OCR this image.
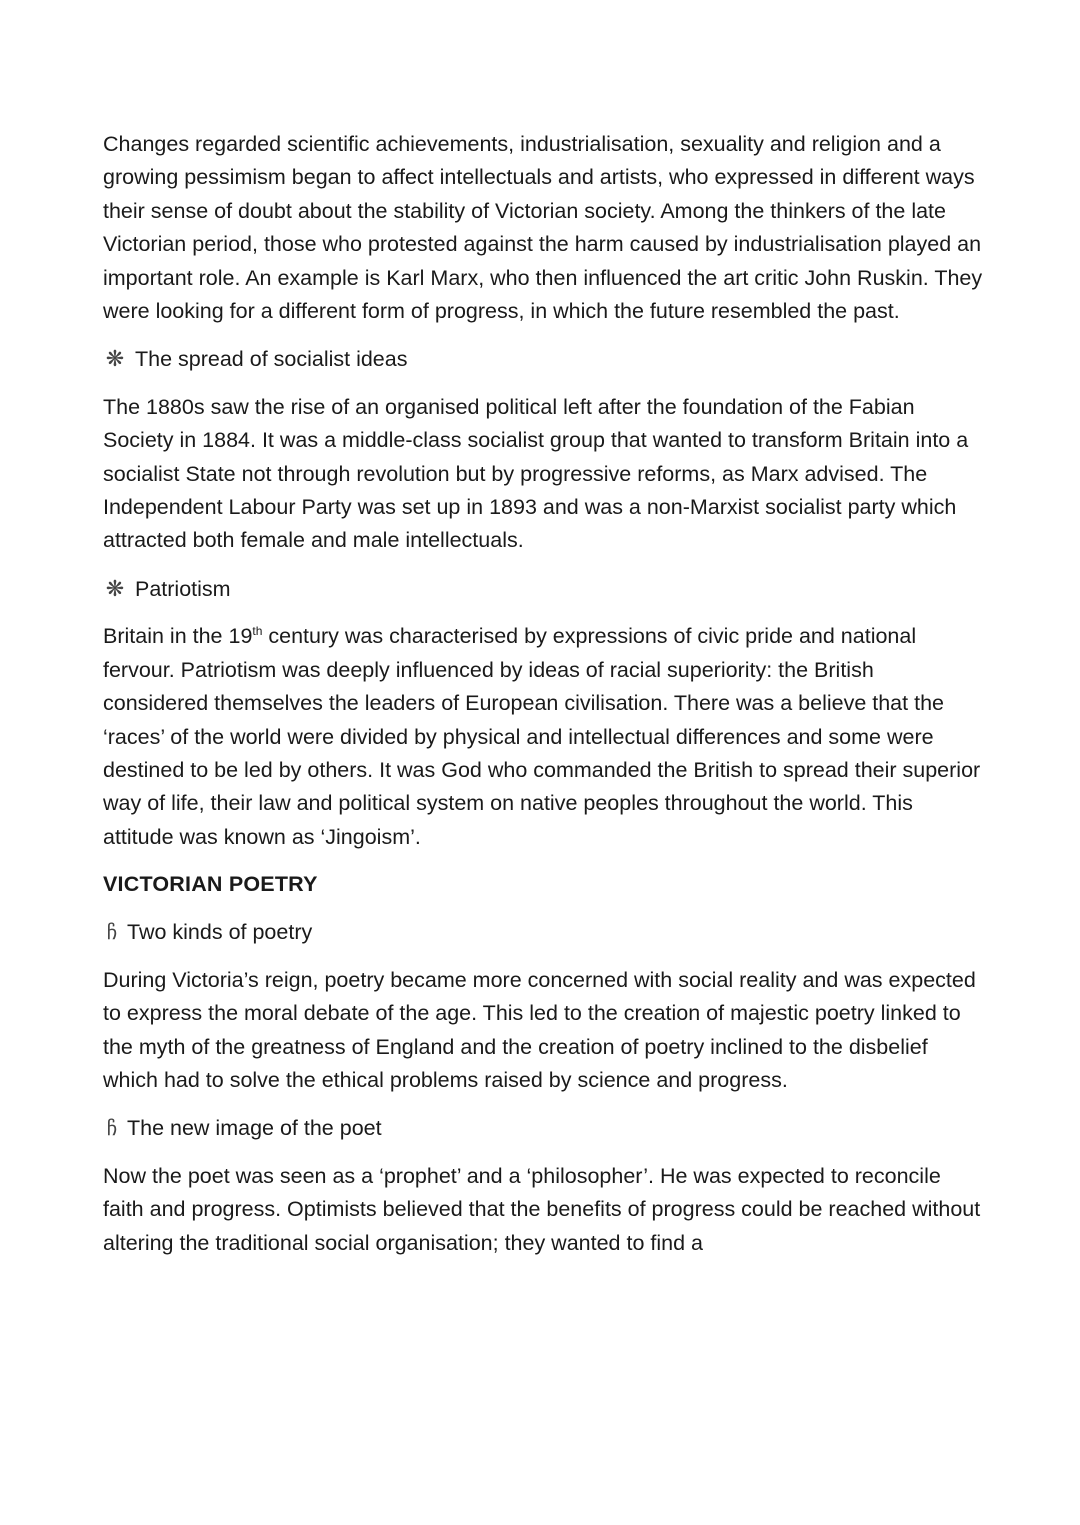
Changes regarded scientific achievements, industrialisation, sexuality and religion and a growing pessimism began to affect intellectuals and artists, who expressed in different ways their sense of doubt about the stability of Victorian society. Among the thinkers of the late Victorian period, those who protested against the harm caused by industrialisation played an important role. An example is Karl Marx, who then influenced the art critic John Ruskin. They were looking for a different form of progress, in which the future resembled the past.

❋ The spread of socialist ideas

The 1880s saw the rise of an organised political left after the foundation of the Fabian Society in 1884. It was a middle-class socialist group that wanted to transform Britain into a socialist State not through revolution but by progressive reforms, as Marx advised. The Independent Labour Party was set up in 1893 and was a non-Marxist socialist party which attracted both female and male intellectuals.

❋ Patriotism

Britain in the 19th century was characterised by expressions of civic pride and national fervour. Patriotism was deeply influenced by ideas of racial superiority: the British considered themselves the leaders of European civilisation. There was a believe that the ‘races’ of the world were divided by physical and intellectual differences and some were destined to be led by others. It was God who commanded the British to spread their superior way of life, their law and political system on native peoples throughout the world. This attitude was known as ‘Jingoism’.

VICTORIAN POETRY
ჩ Two kinds of poetry

During Victoria’s reign, poetry became more concerned with social reality and was expected to express the moral debate of the age. This led to the creation of majestic poetry linked to the myth of the greatness of England and the creation of poetry inclined to the disbelief which had to solve the ethical problems raised by science and progress.

ჩ The new image of the poet

Now the poet was seen as a ‘prophet’ and a ‘philosopher’. He was expected to reconcile faith and progress. Optimists believed that the benefits of progress could be reached without altering the traditional social organisation; they wanted to find a
